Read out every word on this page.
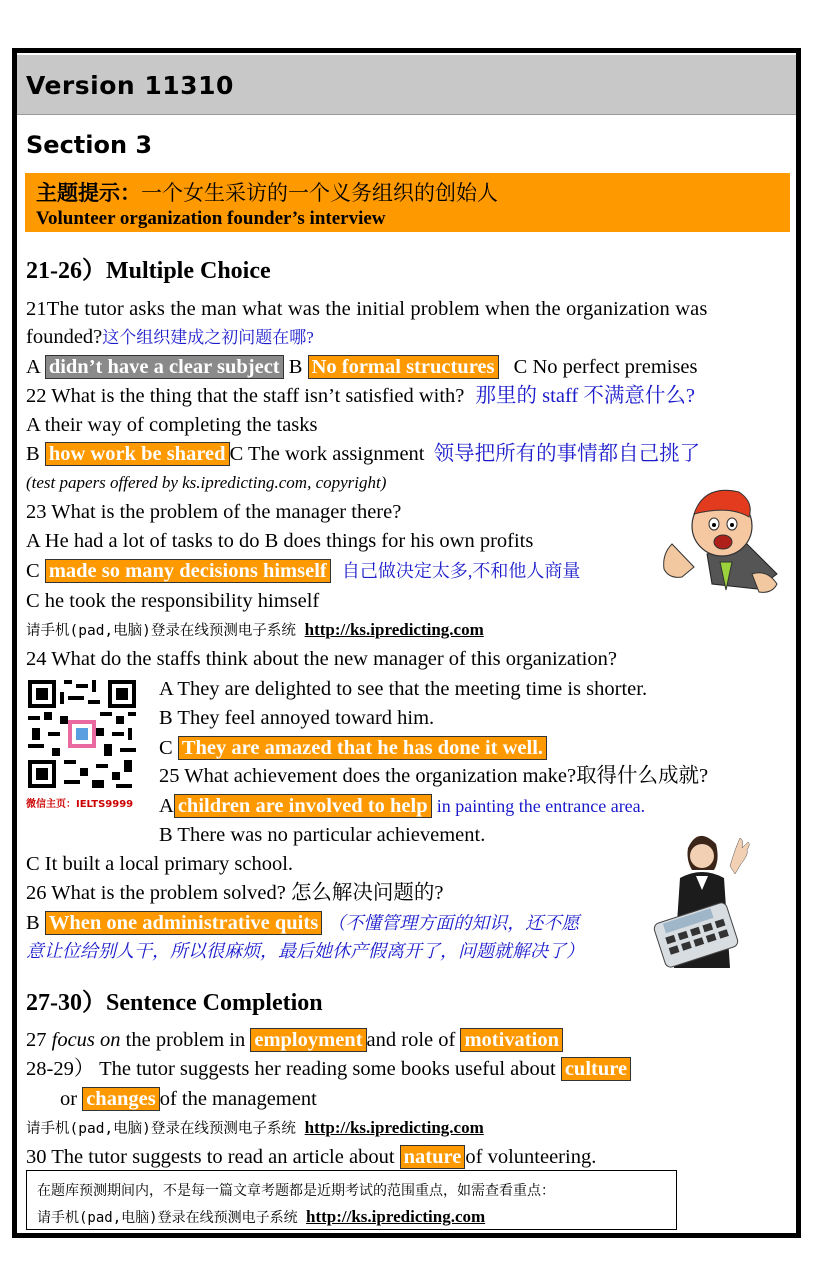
Version 11310
Section 3
主题提示：一个女生采访的一个义务组织的创始人
Volunteer organization founder’s interview
21-26）Multiple Choice
21The tutor asks the man what was the initial problem when the organization was
founded?这个组织建成之初问题在哪?
A didn’t have a clear subject B No formal structures C No perfect premises
22 What is the thing that the staff isn’t satisfied with? 那里的 staff 不满意什么?
A their way of completing the tasks
B how work be shared C The work assignment 领导把所有的事情都自己挑了
(test papers offered by ks.ipredicting.com, copyright)
23 What is the problem of the manager there?
A He had a lot of tasks to do B does things for his own profits
C made so many decisions himself 自己做决定太多,不和他人商量
C he took the responsibility himself
请手机(pad,电脑)登录在线预测电子系统 http://ks.ipredicting.com
24 What do the staffs think about the new manager of this organization?
微信主页：IELTS9999
A They are delighted to see that the meeting time is shorter.
B They feel annoyed toward him.
C They are amazed that he has done it well.
25 What achievement does the organization make?取得什么成就?
A children are involved to help in painting the entrance area.
B There was no particular achievement.
C It built a local primary school.
26 What is the problem solved? 怎么解决问题的?
B When one administrative quits （不懂管理方面的知识，还不愿
意让位给别人干，所以很麻烦，最后她休产假离开了，问题就解决了）
27-30）Sentence Completion
27 focus on the problem in employment and role of motivation
28-29） The tutor suggests her reading some books useful about culture
or changes of the management
请手机(pad,电脑)登录在线预测电子系统 http://ks.ipredicting.com
30 The tutor suggests to read an article about nature of volunteering.
在题库预测期间内，不是每一篇文章考题都是近期考试的范围重点，如需查看重点：
请手机(pad,电脑)登录在线预测电子系统 http://ks.ipredicting.com
